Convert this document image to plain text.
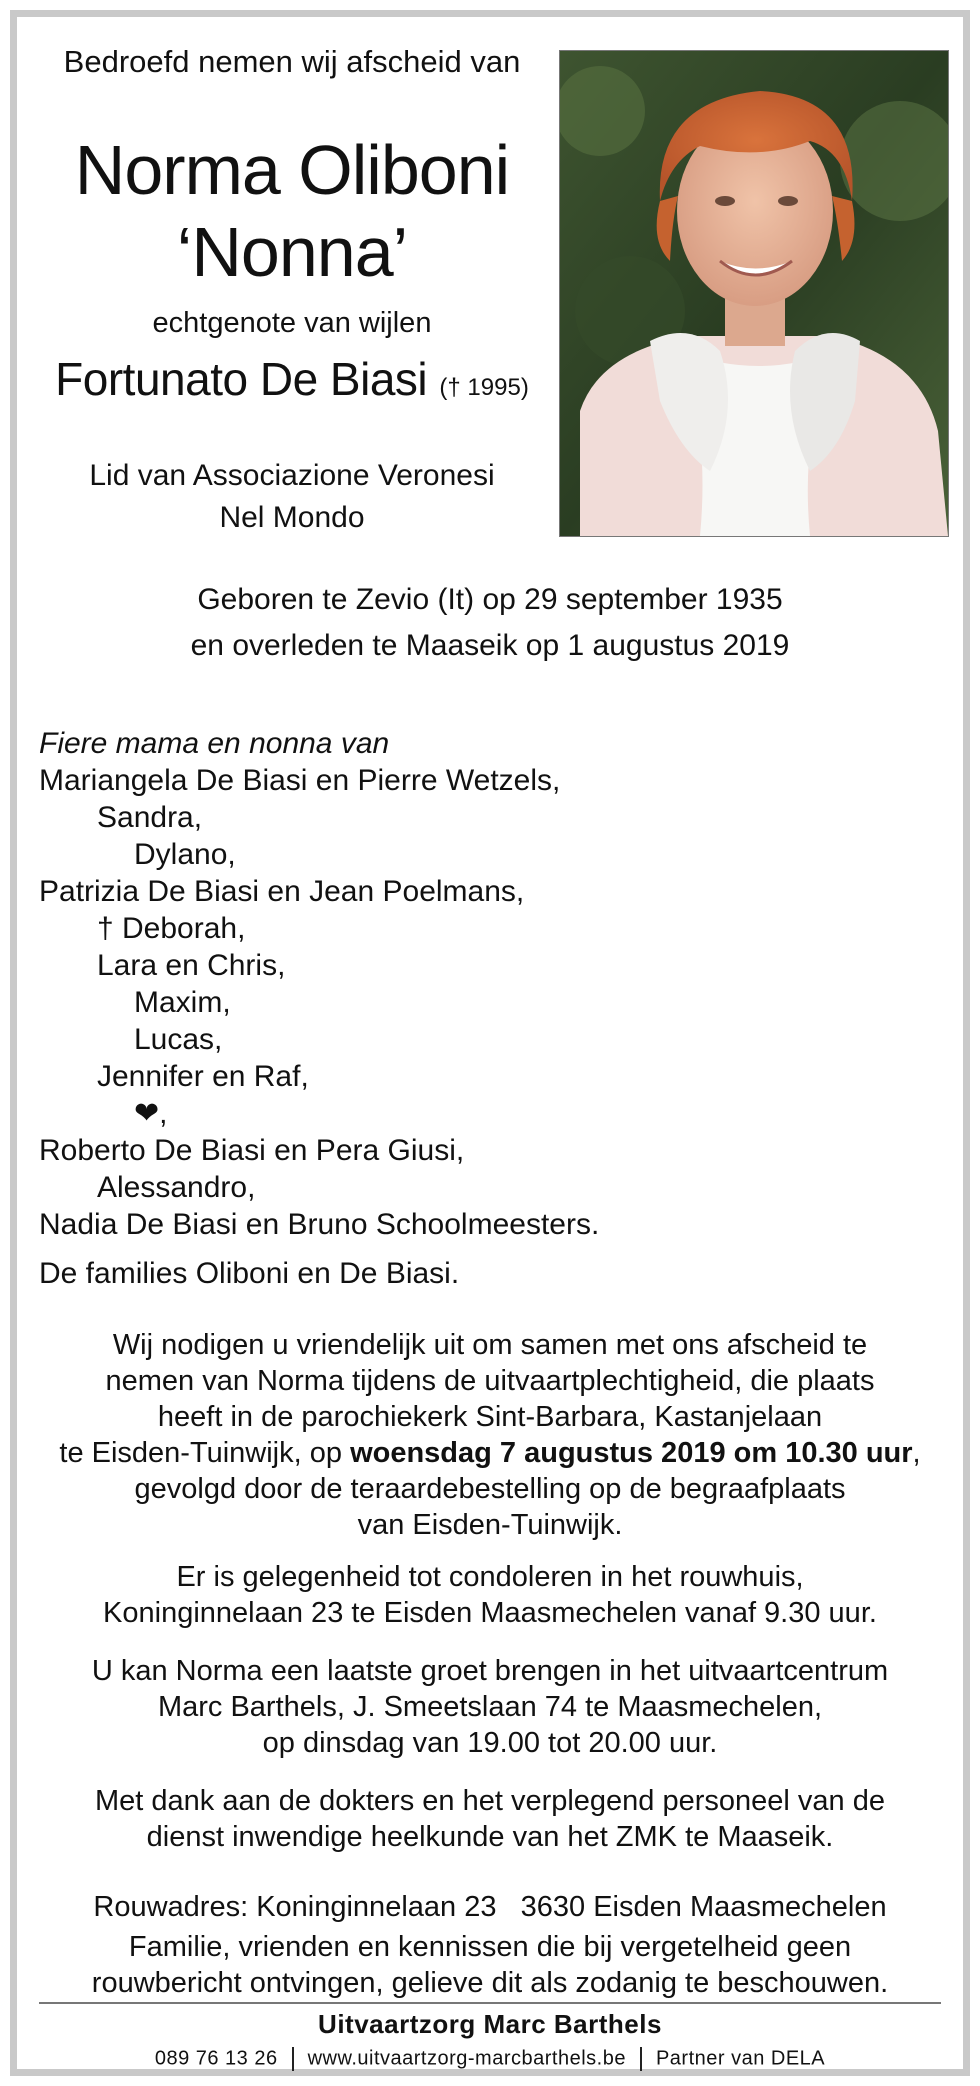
Bedroefd nemen wij afscheid van
Norma Oliboni
‘Nonna’
echtgenote van wijlen
Fortunato De Biasi († 1995)
Lid van Associazione Veronesi
Nel Mondo
Geboren te Zevio (It) op 29 september 1935
en overleden te Maaseik op 1 augustus 2019
Fiere mama en nonna van
Mariangela De Biasi en Pierre Wetzels,
Sandra,
Dylano,
Patrizia De Biasi en Jean Poelmans,
† Deborah,
Lara en Chris,
Maxim,
Lucas,
Jennifer en Raf,
❤,
Roberto De Biasi en Pera Giusi,
Alessandro,
Nadia De Biasi en Bruno Schoolmeesters.
De families Oliboni en De Biasi.
Wij nodigen u vriendelijk uit om samen met ons afscheid te
nemen van Norma tijdens de uitvaartplechtigheid, die plaats
heeft in de parochiekerk Sint-Barbara, Kastanjelaan
te Eisden-Tuinwijk, op woensdag 7 augustus 2019 om 10.30 uur,
gevolgd door de teraardebestelling op de begraafplaats
van Eisden-Tuinwijk.
Er is gelegenheid tot condoleren in het rouwhuis,
Koninginnelaan 23 te Eisden Maasmechelen vanaf 9.30 uur.
U kan Norma een laatste groet brengen in het uitvaartcentrum
Marc Barthels, J. Smeetslaan 74 te Maasmechelen,
op dinsdag van 19.00 tot 20.00 uur.
Met dank aan de dokters en het verplegend personeel van de
dienst inwendige heelkunde van het ZMK te Maaseik.
Rouwadres: Koninginnelaan 23 3630 Eisden Maasmechelen
Familie, vrienden en kennissen die bij vergetelheid geen
rouwbericht ontvingen, gelieve dit als zodanig te beschouwen.
Uitvaartzorg Marc Barthels
089 76 13 26 www.uitvaartzorg-marcbarthels.be Partner van DELA
